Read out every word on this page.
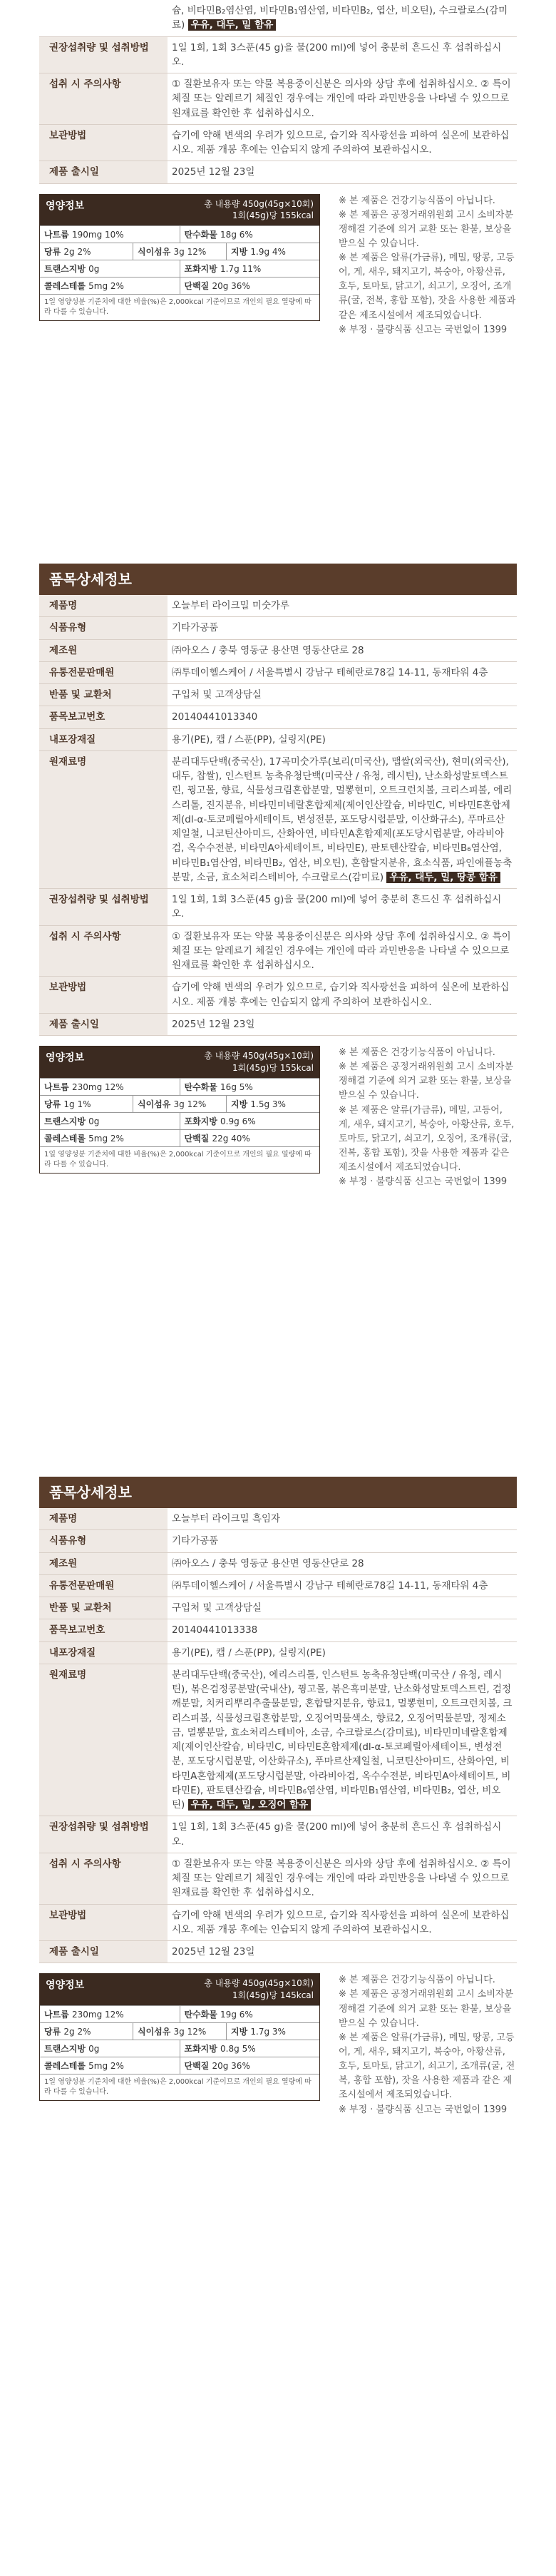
	슘, 비타민B₂염산염, 비타민B₁염산염, 비타민B₂, 엽산, 비오틴), 수크랄로스(감미료) 우유, 대두, 밀 함유
권장섭취량 및 섭취방법	1일 1회, 1회 3스푼(45 g)을 물(200 ml)에 넣어 충분히 흔드신 후 섭취하십시오.
섭취 시 주의사항	① 질환보유자 또는 약물 복용중이신분은 의사와 상담 후에 섭취하십시오. ② 특이체질 또는 알레르기 체질인 경우에는 개인에 따라 과민반응을 나타낼 수 있으므로 원재료를 확인한 후 섭취하십시오.
보관방법	습기에 약해 변색의 우려가 있으므로, 습기와 직사광선을 피하여 실온에 보관하십시오. 제품 개봉 후에는 인습되지 않게 주의하여 보관하십시오.
제품 출시일	2025년 12월 23일
영양정보	총 내용량 450g(45g×10회)
1회(45g)당 155kcal
나트륨 190mg 10%	탄수화물 18g 6%
당류 2g 2%	식이섬유 3g 12%	지방 1.9g 4%
트랜스지방 0g	포화지방 1.7g 11%
콜레스테롤 5mg 2%	단백질 20g 36%
1일 영양성분 기준치에 대한 비율(%)은 2,000kcal 기준이므로 개인의 필요 열량에 따라 다를 수 있습니다.

※ 본 제품은 건강기능식품이 아닙니다.

※ 본 제품은 공정거래위원회 고시 소비자분쟁해결 기준에 의거 교환 또는 환불, 보상을 받으실 수 있습니다.

※ 본 제품은 알류(가금류), 메밀, 땅콩, 고등어, 게, 새우, 돼지고기, 복숭아, 아황산류, 호두, 토마토, 닭고기, 쇠고기, 오징어, 조개류(굴, 전복, 홍합 포함), 잣을 사용한 제품과 같은 제조시설에서 제조되었습니다.

※ 부정 · 불량식품 신고는 국번없이 1399

품목상세정보
제품명	오늘부터 라이크밀 미숫가루
식품유형	기타가공품
제조원	㈜아오스 / 충북 영동군 용산면 영동산단로 28
유통전문판매원	㈜투데이헬스케어 / 서울특별시 강남구 테헤란로78길 14-11, 동재타워 4층
반품 및 교환처	구입처 및 고객상담실
품목보고번호	20140441013340
내포장재질	용기(PE), 캡 / 스푼(PP), 실링지(PE)
원재료명	분리대두단백(중국산), 17곡미숫가루(보리(미국산), 맵쌀(외국산), 현미(외국산), 대두, 찹쌀), 인스턴트 농축유청단백(미국산 / 유청, 레시틴), 난소화성말토덱스트린, 꿩고몰, 향료, 식물성크림혼합분말, 멀뽕현미, 오트크런치볼, 크리스피볼, 에리스리톨, 진지분유, 비타민미네랄혼합제제(제이인산칼슘, 비타민C, 비타민E혼합제제(dl-α-토코페릴아세테이트, 변성전분, 포도당시럽분말, 이산화규소), 푸마르산제일철, 니코틴산아미드, 산화아연, 비타민A혼합제제(포도당시럽분말, 아라비아검, 옥수수전분, 비타민A아세테이트, 비타민E), 판토텐산칼슘, 비타민B₆염산염, 비타민B₁염산염, 비타민B₂, 엽산, 비오틴), 혼합탈지분유, 효소식품, 파인애플농축분말, 소금, 효소처리스테비아, 수크랄로스(감미료) 우유, 대두, 밀, 땅콩 함유
권장섭취량 및 섭취방법	1일 1회, 1회 3스푼(45 g)을 물(200 ml)에 넣어 충분히 흔드신 후 섭취하십시오.
섭취 시 주의사항	① 질환보유자 또는 약물 복용중이신분은 의사와 상담 후에 섭취하십시오. ② 특이체질 또는 알레르기 체질인 경우에는 개인에 따라 과민반응을 나타낼 수 있으므로 원재료를 확인한 후 섭취하십시오.
보관방법	습기에 약해 변색의 우려가 있으므로, 습기와 직사광선을 피하여 실온에 보관하십시오. 제품 개봉 후에는 인습되지 않게 주의하여 보관하십시오.
제품 출시일	2025년 12월 23일
영양정보	총 내용량 450g(45g×10회)
1회(45g)당 155kcal
나트륨 230mg 12%	탄수화물 16g 5%
당류 1g 1%	식이섬유 3g 12%	지방 1.5g 3%
트랜스지방 0g	포화지방 0.9g 6%
콜레스테롤 5mg 2%	단백질 22g 40%
1일 영양성분 기준치에 대한 비율(%)은 2,000kcal 기준이므로 개인의 필요 열량에 따라 다를 수 있습니다.

※ 본 제품은 건강기능식품이 아닙니다.

※ 본 제품은 공정거래위원회 고시 소비자분쟁해결 기준에 의거 교환 또는 환불, 보상을 받으실 수 있습니다.

※ 본 제품은 알류(가금류), 메밀, 고등어, 게, 새우, 돼지고기, 복숭아, 아황산류, 호두, 토마토, 닭고기, 쇠고기, 오징어, 조개류(굴, 전복, 홍합 포함), 잣을 사용한 제품과 같은 제조시설에서 제조되었습니다.

※ 부정 · 불량식품 신고는 국번없이 1399

품목상세정보
제품명	오늘부터 라이크밀 흑임자
식품유형	기타가공품
제조원	㈜아오스 / 충북 영동군 용산면 영동산단로 28
유통전문판매원	㈜투데이헬스케어 / 서울특별시 강남구 테헤란로78길 14-11, 동재타워 4층
반품 및 교환처	구입처 및 고객상담실
품목보고번호	20140441013338
내포장재질	용기(PE), 캡 / 스푼(PP), 실링지(PE)
원재료명	분리대두단백(중국산), 에리스리톨, 인스턴트 농축유청단백(미국산 / 유청, 레시틴), 볶은검정콩분말(국내산), 꿩고몰, 볶은흑미분말, 난소화성말토덱스트린, 검정깨분말, 치커리뿌리추출물분말, 혼합탈지분유, 향료1, 멀뽕현미, 오트크런치볼, 크리스피볼, 식물성크림혼합분말, 오징어먹물색소, 향료2, 오징어먹물분말, 정제소금, 멀뽕분말, 효소처리스테비아, 소금, 수크랄로스(감미료), 비타민미네랄혼합제제(제이인산칼슘, 비타민C, 비타민E혼합제제(dl-α-토코페릴아세테이트, 변성전분, 포도당시럽분말, 이산화규소), 푸마르산제일철, 니코틴산아미드, 산화아연, 비타민A혼합제제(포도당시럽분말, 아라비아검, 옥수수전분, 비타민A아세테이트, 비타민E), 판토텐산칼슘, 비타민B₆염산염, 비타민B₁염산염, 비타민B₂, 엽산, 비오틴) 우유, 대두, 밀, 오징어 함유
권장섭취량 및 섭취방법	1일 1회, 1회 3스푼(45 g)을 물(200 ml)에 넣어 충분히 흔드신 후 섭취하십시오.
섭취 시 주의사항	① 질환보유자 또는 약물 복용중이신분은 의사와 상담 후에 섭취하십시오. ② 특이체질 또는 알레르기 체질인 경우에는 개인에 따라 과민반응을 나타낼 수 있으므로 원재료를 확인한 후 섭취하십시오.
보관방법	습기에 약해 변색의 우려가 있으므로, 습기와 직사광선을 피하여 실온에 보관하십시오. 제품 개봉 후에는 인습되지 않게 주의하여 보관하십시오.
제품 출시일	2025년 12월 23일
영양정보	총 내용량 450g(45g×10회)
1회(45g)당 145kcal
나트륨 230mg 12%	탄수화물 19g 6%
당류 2g 2%	식이섬유 3g 12%	지방 1.7g 3%
트랜스지방 0g	포화지방 0.8g 5%
콜레스테롤 5mg 2%	단백질 20g 36%
1일 영양성분 기준치에 대한 비율(%)은 2,000kcal 기준이므로 개인의 필요 열량에 따라 다를 수 있습니다.

※ 본 제품은 건강기능식품이 아닙니다.

※ 본 제품은 공정거래위원회 고시 소비자분쟁해결 기준에 의거 교환 또는 환불, 보상을 받으실 수 있습니다.

※ 본 제품은 알류(가금류), 메밀, 땅콩, 고등어, 게, 새우, 돼지고기, 복숭아, 아황산류, 호두, 토마토, 닭고기, 쇠고기, 조개류(굴, 전복, 홍합 포함), 잣을 사용한 제품과 같은 제조시설에서 제조되었습니다.

※ 부정 · 불량식품 신고는 국번없이 1399
